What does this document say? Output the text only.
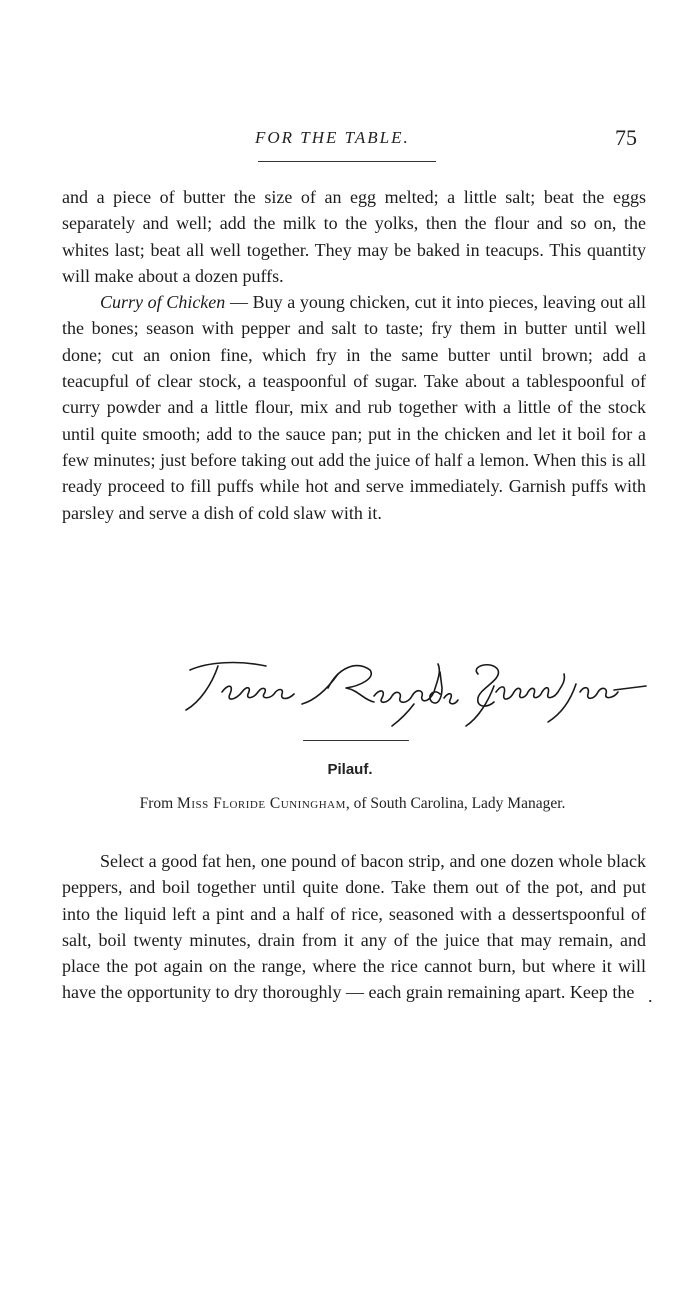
FOR THE TABLE.	75

and a piece of butter the size of an egg melted; a little salt; beat the eggs separately and well; add the milk to the yolks, then the flour and so on, the whites last; beat all well together. They may be baked in teacups. This quantity will make about a dozen puffs.

Curry of Chicken — Buy a young chicken, cut it into pieces, leaving out all the bones; season with pepper and salt to taste; fry them in butter until well done; cut an onion fine, which fry in the same butter until brown; add a teacupful of clear stock, a teaspoonful of sugar. Take about a tablespoonful of curry powder and a little flour, mix and rub together with a little of the stock until quite smooth; add to the sauce pan; put in the chicken and let it boil for a few minutes; just before taking out add the juice of half a lemon. When this is all ready proceed to fill puffs while hot and serve immediately. Garnish puffs with parsley and serve a dish of cold slaw with it.

Pilauf.
From Miss Floride Cuningham, of South Carolina, Lady Manager.

Select a good fat hen, one pound of bacon strip, and one dozen whole black peppers, and boil together until quite done. Take them out of the pot, and put into the liquid left a pint and a half of rice, seasoned with a dessertspoonful of salt, boil twenty minutes, drain from it any of the juice that may remain, and place the pot again on the range, where the rice cannot burn, but where it will have the opportunity to dry thoroughly — each grain remaining apart. Keep the .
